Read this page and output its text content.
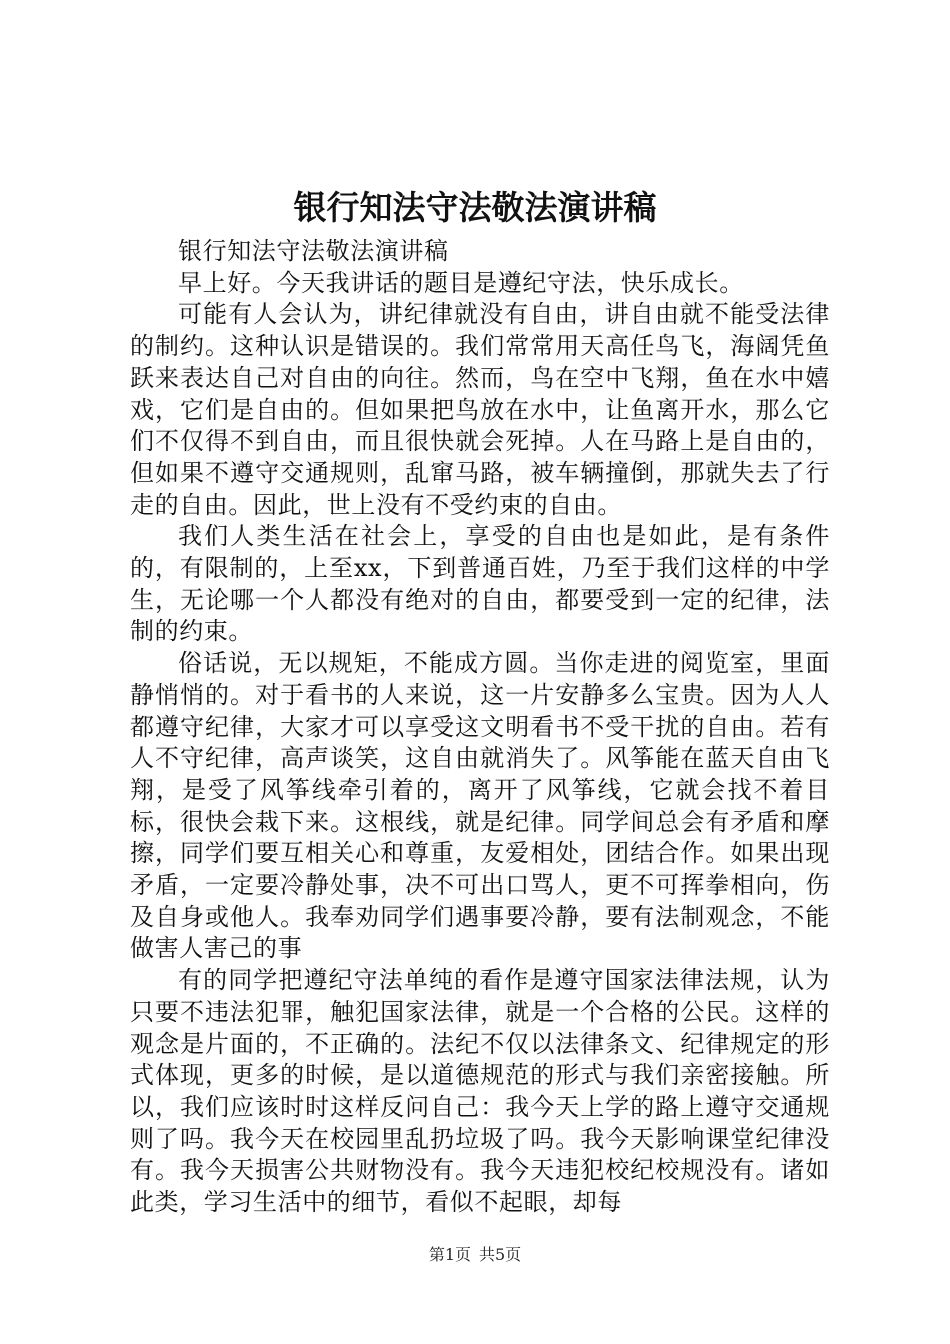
银行知法守法敬法演讲稿

银行知法守法敬法演讲稿

早上好。今天我讲话的题目是遵纪守法，快乐成长。

可能有人会认为，讲纪律就没有自由，讲自由就不能受法律的制约。这种认识是错误的。我们常常用天高任鸟飞，海阔凭鱼跃来表达自己对自由的向往。然而，鸟在空中飞翔，鱼在水中嬉戏，它们是自由的。但如果把鸟放在水中，让鱼离开水，那么它们不仅得不到自由，而且很快就会死掉。人在马路上是自由的，但如果不遵守交通规则，乱窜马路，被车辆撞倒，那就失去了行走的自由。因此，世上没有不受约束的自由。

我们人类生活在社会上，享受的自由也是如此，是有条件的，有限制的，上至xx，下到普通百姓，乃至于我们这样的中学生，无论哪一个人都没有绝对的自由，都要受到一定的纪律，法制的约束。

俗话说，无以规矩，不能成方圆。当你走进的阅览室，里面静悄悄的。对于看书的人来说，这一片安静多么宝贵。因为人人都遵守纪律，大家才可以享受这文明看书不受干扰的自由。若有人不守纪律，高声谈笑，这自由就消失了。风筝能在蓝天自由飞翔，是受了风筝线牵引着的，离开了风筝线，它就会找不着目标，很快会栽下来。这根线，就是纪律。同学间总会有矛盾和摩擦，同学们要互相关心和尊重，友爱相处，团结合作。如果出现矛盾，一定要冷静处事，决不可出口骂人，更不可挥拳相向，伤及自身或他人。我奉劝同学们遇事要冷静，要有法制观念，不能做害人害己的事

有的同学把遵纪守法单纯的看作是遵守国家法律法规，认为只要不违法犯罪，触犯国家法律，就是一个合格的公民。这样的观念是片面的，不正确的。法纪不仅以法律条文、纪律规定的形式体现，更多的时候，是以道德规范的形式与我们亲密接触。所以，我们应该时时这样反问自己：我今天上学的路上遵守交通规则了吗。我今天在校园里乱扔垃圾了吗。我今天影响课堂纪律没有。我今天损害公共财物没有。我今天违犯校纪校规没有。诸如此类，学习生活中的细节，看似不起眼，却每

第1页 共5页
